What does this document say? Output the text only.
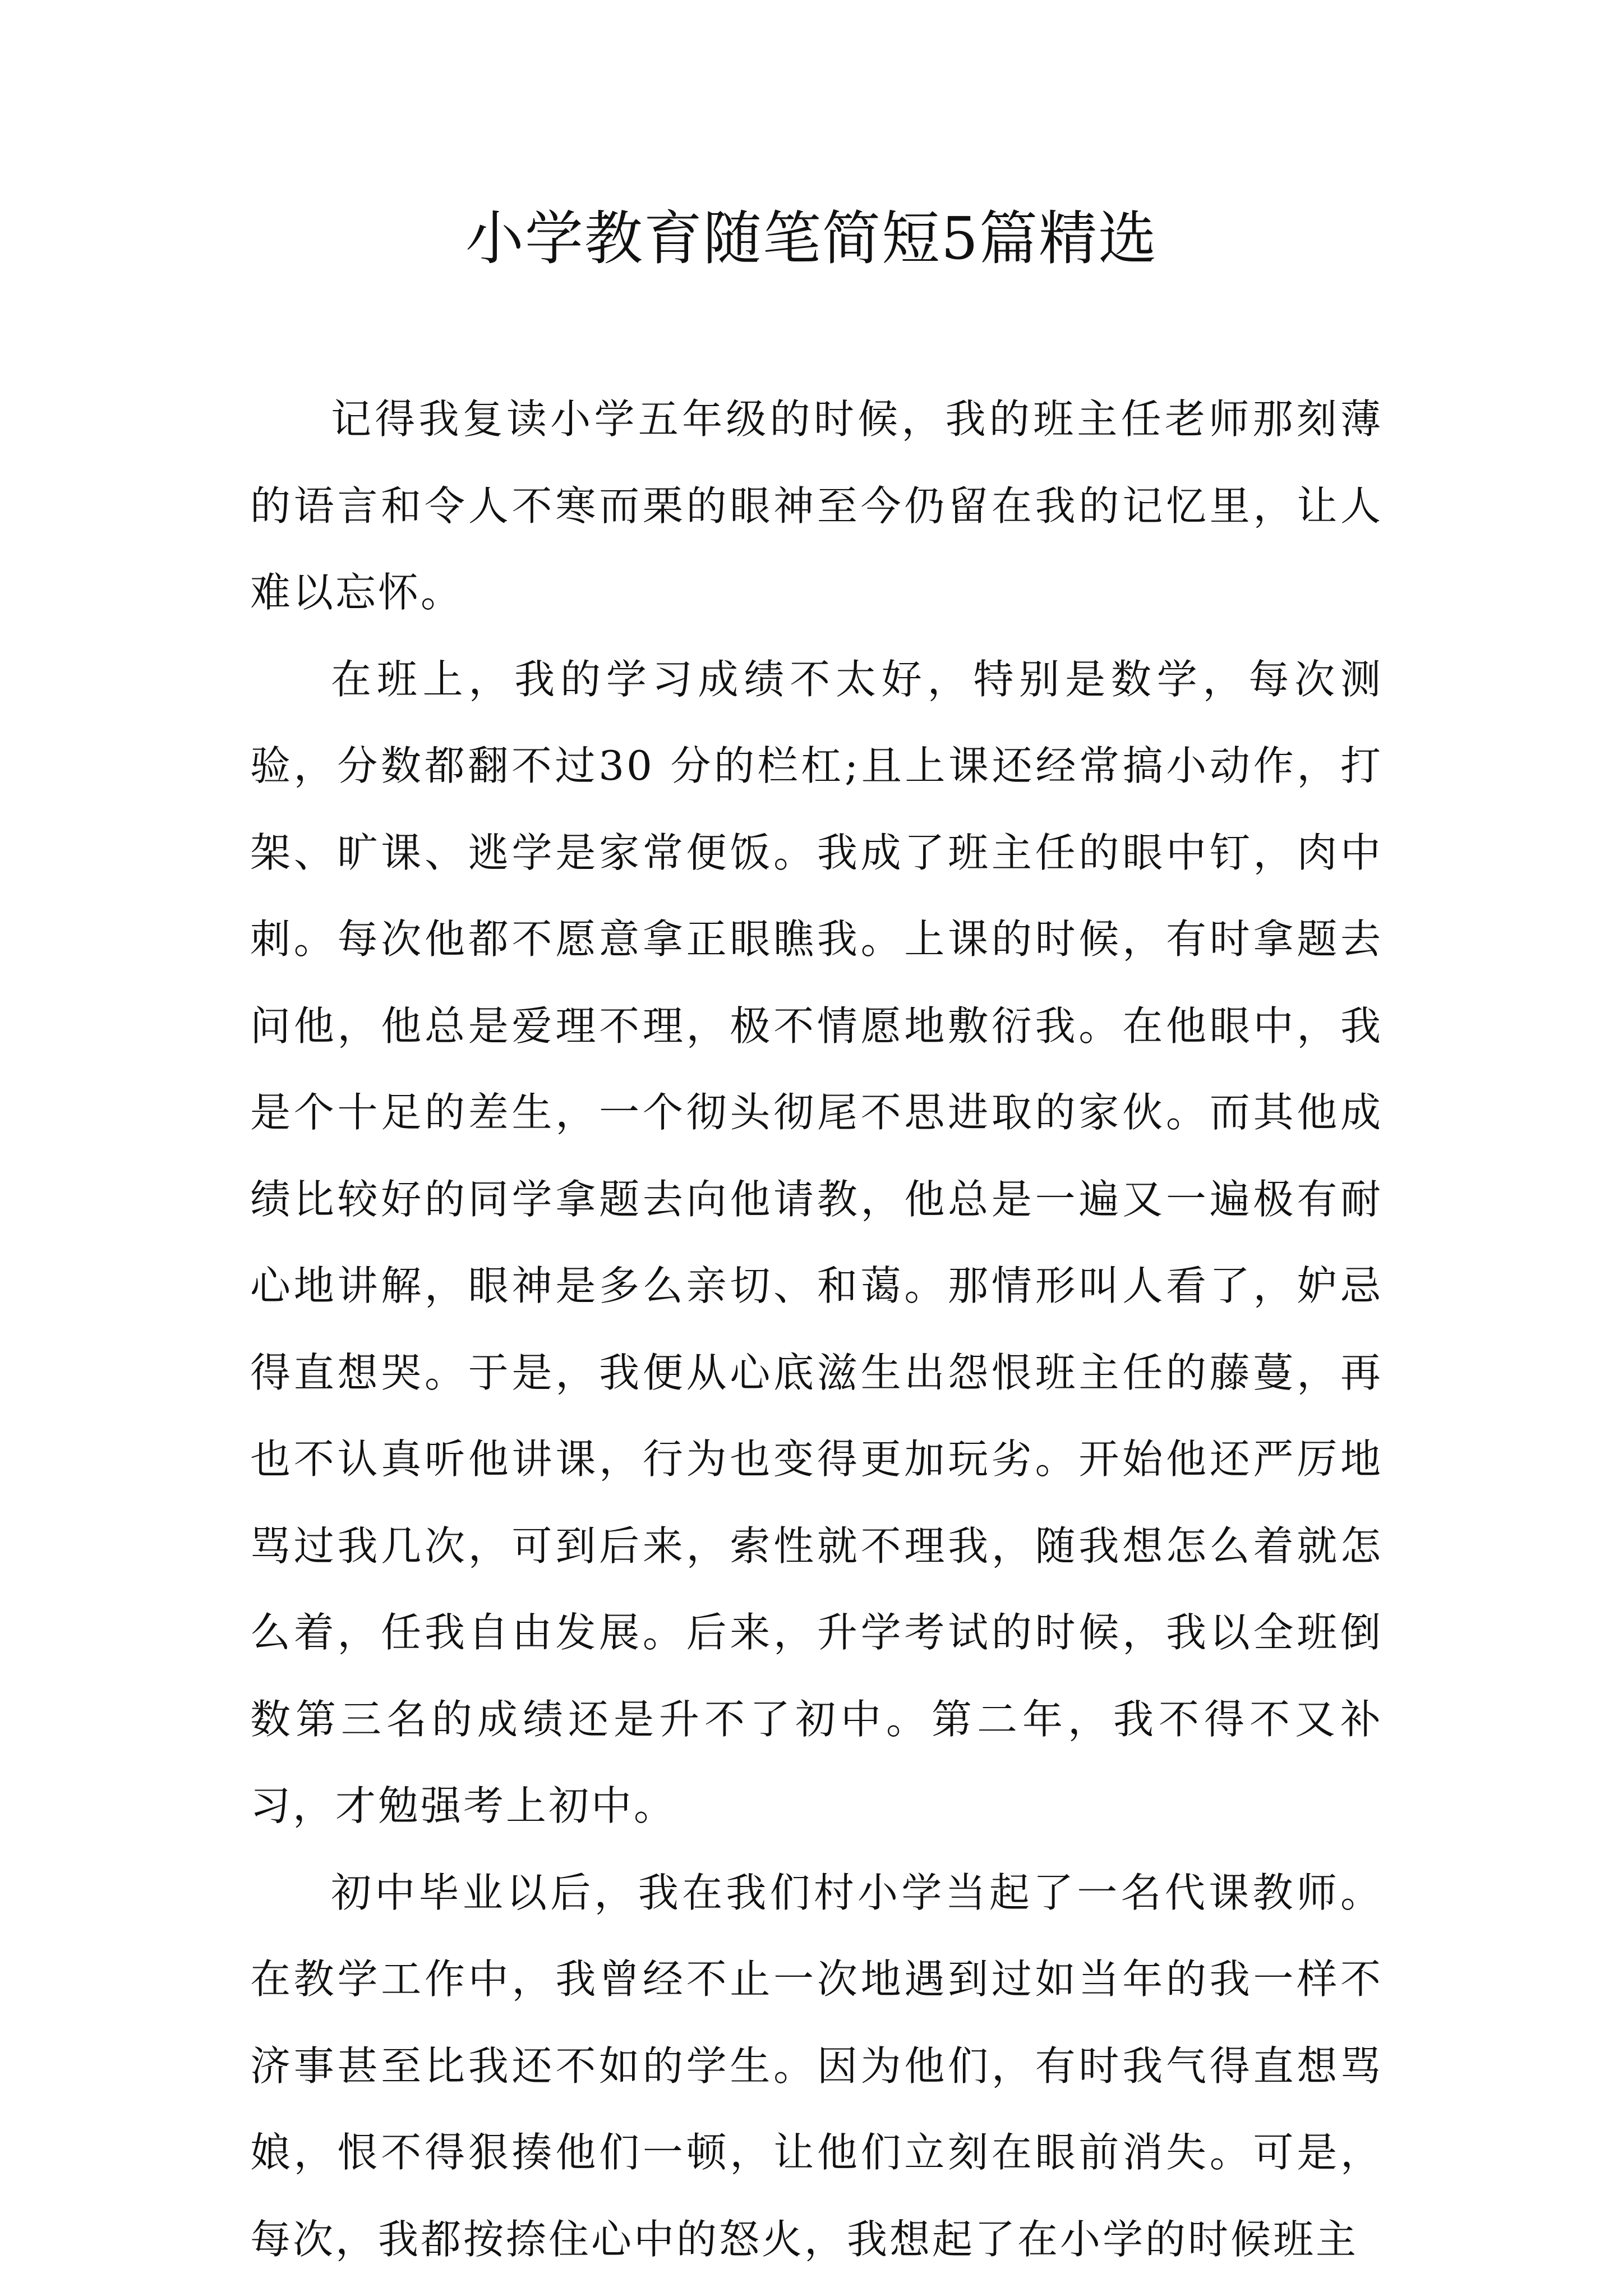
小学教育随笔简短5篇精选

记得我复读小学五年级的时候，我的班主任老师那刻薄的语言和令人不寒而栗的眼神至今仍留在我的记忆里，让人难以忘怀。

在班上，我的学习成绩不太好，特别是数学，每次测验，分数都翻不过30 分的栏杠;且上课还经常搞小动作，打架、旷课、逃学是家常便饭。我成了班主任的眼中钉，肉中刺。每次他都不愿意拿正眼瞧我。上课的时候，有时拿题去问他，他总是爱理不理，极不情愿地敷衍我。在他眼中，我是个十足的差生，一个彻头彻尾不思进取的家伙。而其他成绩比较好的同学拿题去向他请教，他总是一遍又一遍极有耐心地讲解，眼神是多么亲切、和蔼。那情形叫人看了，妒忌得直想哭。于是，我便从心底滋生出怨恨班主任的藤蔓，再也不认真听他讲课，行为也变得更加玩劣。开始他还严厉地骂过我几次，可到后来，索性就不理我，随我想怎么着就怎么着，任我自由发展。后来，升学考试的时候，我以全班倒数第三名的成绩还是升不了初中。第二年，我不得不又补习，才勉强考上初中。

初中毕业以后，我在我们村小学当起了一名代课教师。在教学工作中，我曾经不止一次地遇到过如当年的我一样不济事甚至比我还不如的学生。因为他们，有时我气得直想骂娘，恨不得狠揍他们一顿，让他们立刻在眼前消失。可是，每次，我都按捺住心中的怒火，我想起了在小学的时候班主
